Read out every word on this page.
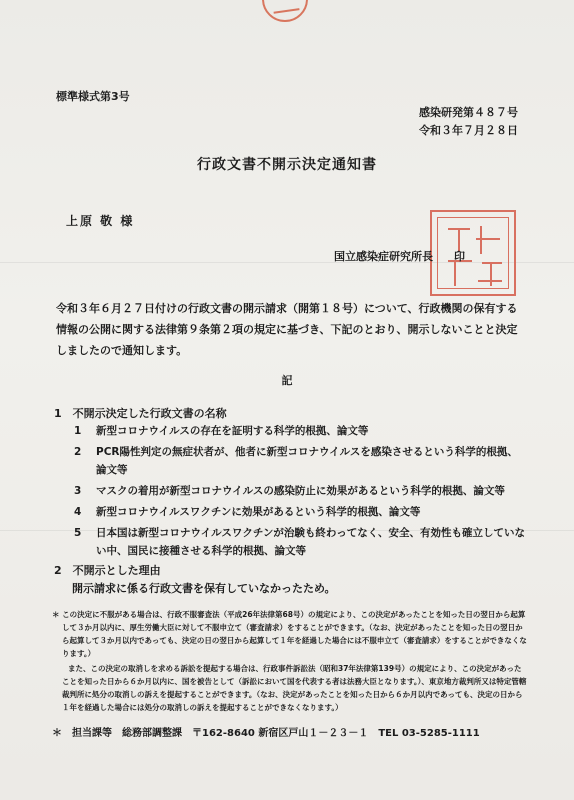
標準様式第3号
感染研発第４８７号
令和３年７月２８日
行政文書不開示決定通知書
上原 敬 様
国立感染症研究所長 印
令和３年６月２７日付けの行政文書の開示請求（開第１８号）について、行政機関の保有する情報の公開に関する法律第９条第２項の規定に基づき、下記のとおり、開示しないことと決定しましたので通知します。
記
1　不開示決定した行政文書の名称
1	新型コロナウイルスの存在を証明する科学的根拠、論文等
2	PCR陽性判定の無症状者が、他者に新型コロナウイルスを感染させるという科学的根拠、論文等
3	マスクの着用が新型コロナウイルスの感染防止に効果があるという科学的根拠、論文等
4	新型コロナウイルスワクチンに効果があるという科学的根拠、論文等
5	日本国は新型コロナウイルスワクチンが治験も終わってなく、安全、有効性も確立していない中、国民に接種させる科学的根拠、論文等
2　不開示とした理由
開示請求に係る行政文書を保有していなかったため。

＊ この決定に不服がある場合は、行政不服審査法（平成26年法律第68号）の規定により、この決定があったことを知った日の翌日から起算して３か月以内に、厚生労働大臣に対して不服申立て（審査請求）をすることができます。（なお、決定があったことを知った日の翌日から起算して３か月以内であっても、決定の日の翌日から起算して１年を経過した場合には不服申立て（審査請求）をすることができなくなります。）

また、この決定の取消しを求める訴訟を提起する場合は、行政事件訴訟法（昭和37年法律第139号）の規定により、この決定があったことを知った日から６か月以内に、国を被告として（訴訟において国を代表する者は法務大臣となります。）、東京地方裁判所又は特定管轄裁判所に処分の取消しの訴えを提起することができます。（なお、決定があったことを知った日から６か月以内であっても、決定の日から１年を経過した場合には処分の取消しの訴えを提起することができなくなります。）

＊　担当課等　総務部調整課　〒162-8640 新宿区戸山１－２３－１　TEL 03-5285-1111
